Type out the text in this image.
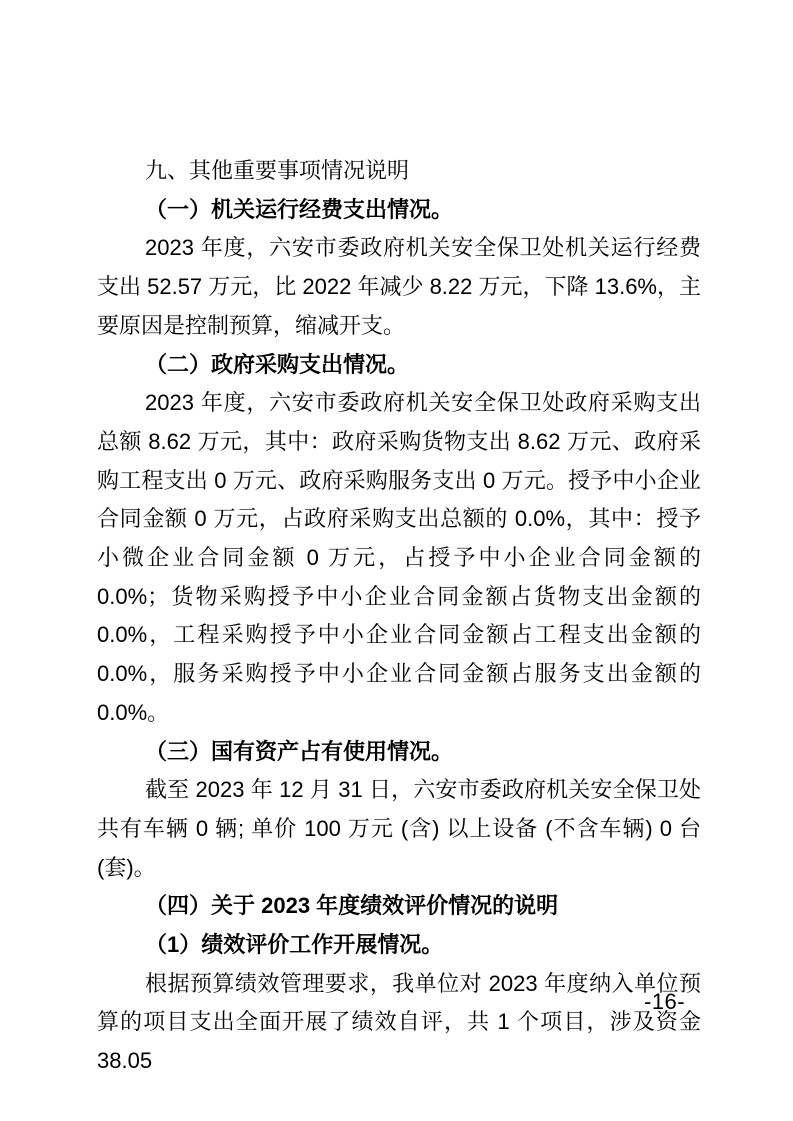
九、其他重要事项情况说明
（一）机关运行经费支出情况。
2023 年度，六安市委政府机关安全保卫处机关运行经费支出 52.57 万元，比 2022 年减少 8.22 万元，下降 13.6%，主要原因是控制预算，缩减开支。
（二）政府采购支出情况。
2023 年度，六安市委政府机关安全保卫处政府采购支出总额 8.62 万元，其中：政府采购货物支出 8.62 万元、政府采购工程支出 0 万元、政府采购服务支出 0 万元。授予中小企业合同金额 0 万元，占政府采购支出总额的 0.0%，其中：授予小微企业合同金额 0 万元，占授予中小企业合同金额的 0.0%；货物采购授予中小企业合同金额占货物支出金额的 0.0%，工程采购授予中小企业合同金额占工程支出金额的 0.0%，服务采购授予中小企业合同金额占服务支出金额的 0.0%。
（三）国有资产占有使用情况。
截至 2023 年 12 月 31 日，六安市委政府机关安全保卫处共有车辆 0 辆; 单价 100 万元 (含) 以上设备 (不含车辆) 0 台(套)。
（四）关于 2023 年度绩效评价情况的说明
（1）绩效评价工作开展情况。
根据预算绩效管理要求，我单位对 2023 年度纳入单位预算的项目支出全面开展了绩效自评，共 1 个项目，涉及资金 38.05
-16-
